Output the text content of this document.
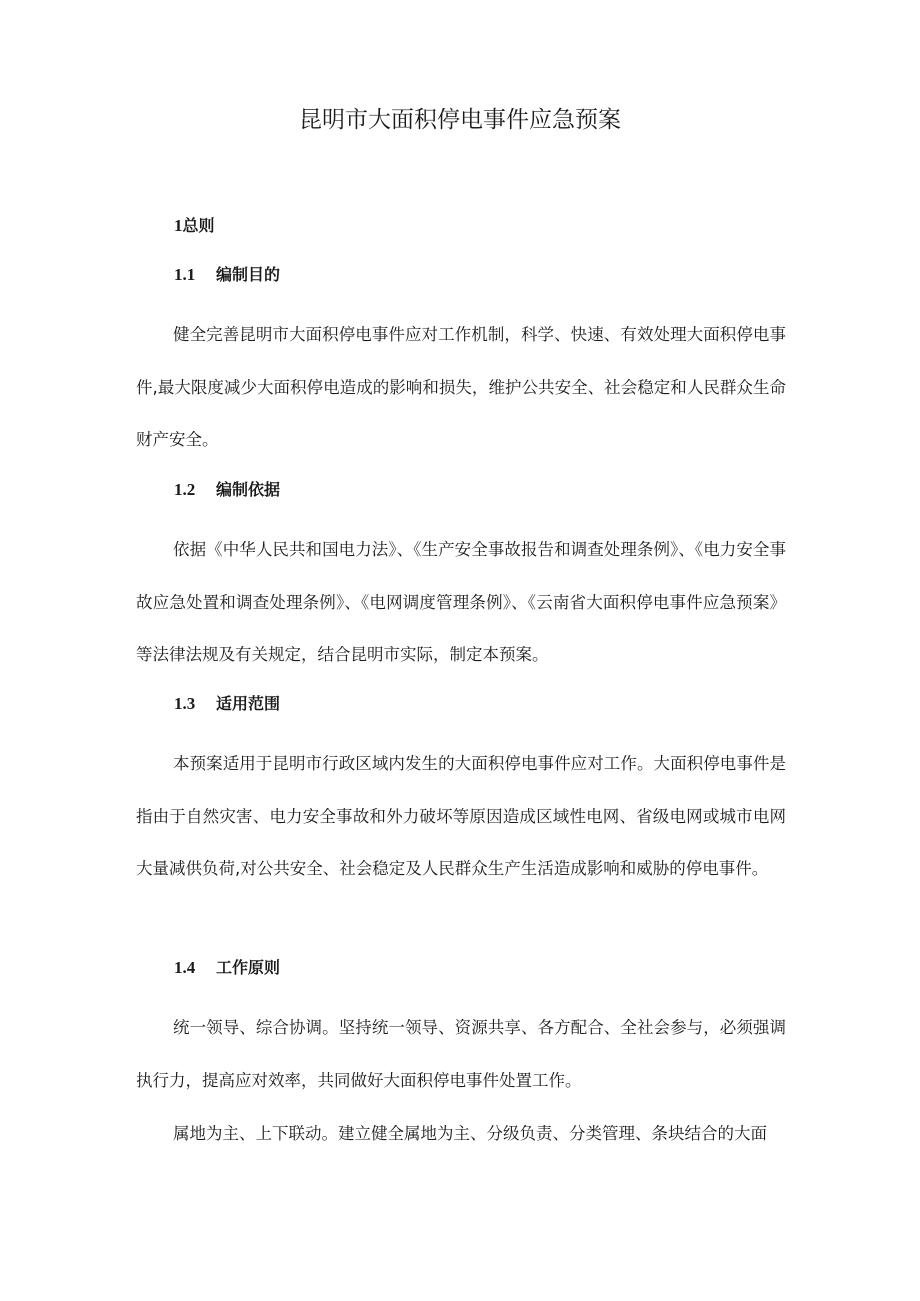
昆明市大面积停电事件应急预案
1总则
1.1 编制目的
健全完善昆明市大面积停电事件应对工作机制，科学、快速、有效处理大面积停电事件,最大限度减少大面积停电造成的影响和损失，维护公共安全、社会稳定和人民群众生命财产安全。
1.2 编制依据
依据《中华人民共和国电力法》、《生产安全事故报告和调查处理条例》、《电力安全事故应急处置和调查处理条例》、《电网调度管理条例》、《云南省大面积停电事件应急预案》等法律法规及有关规定，结合昆明市实际，制定本预案。
1.3 适用范围
本预案适用于昆明市行政区域内发生的大面积停电事件应对工作。大面积停电事件是指由于自然灾害、电力安全事故和外力破坏等原因造成区域性电网、省级电网或城市电网大量减供负荷,对公共安全、社会稳定及人民群众生产生活造成影响和威胁的停电事件。
1.4 工作原则
统一领导、综合协调。坚持统一领导、资源共享、各方配合、全社会参与，必须强调执行力，提高应对效率，共同做好大面积停电事件处置工作。
属地为主、上下联动。建立健全属地为主、分级负责、分类管理、条块结合的大面
